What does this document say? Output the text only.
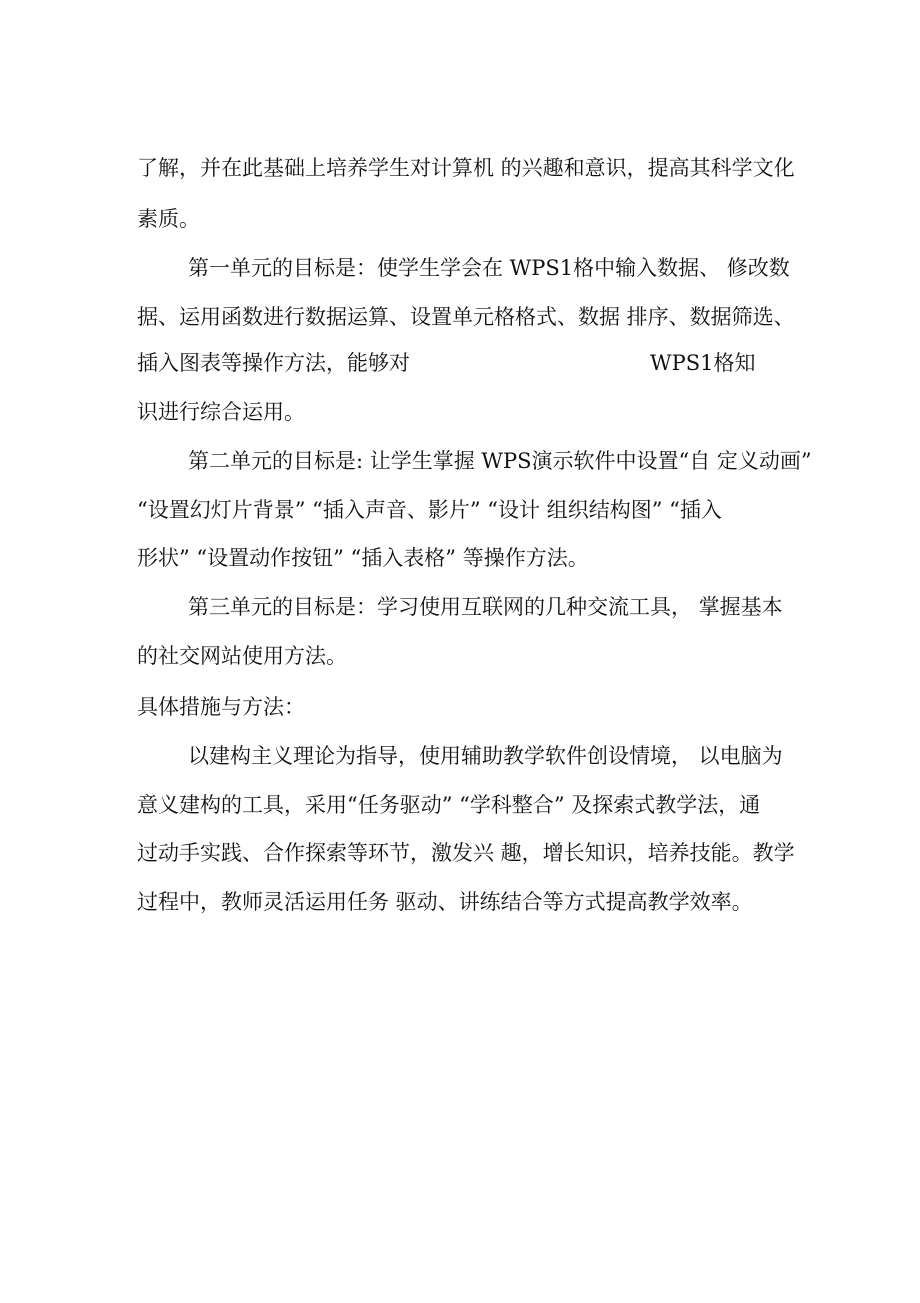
了解，并在此基础上培养学生对计算机 的兴趣和意识，提高其科学文化
素质。
第一单元的目标是：使学生学会在 WPS1格中输入数据、 修改数
据、运用函数进行数据运算、设置单元格格式、数据 排序、数据筛选、
插入图表等操作方法，能够对	WPS1格知
识进行综合运用。
第二单元的目标是: 让学生掌握 WPS演示软件中设置“自 定义动画”
“设置幻灯片背景” “插入声音、影片” “设计 组织结构图” “插入
形状” “设置动作按钮” “插入表格” 等操作方法。
第三单元的目标是：学习使用互联网的几种交流工具， 掌握基本
的社交网站使用方法。
具体措施与方法：
以建构主义理论为指导，使用辅助教学软件创设情境， 以电脑为
意义建构的工具，采用“任务驱动” “学科整合” 及探索式教学法，通
过动手实践、合作探索等环节，激发兴 趣，增长知识，培养技能。教学
过程中，教师灵活运用任务 驱动、讲练结合等方式提高教学效率。
